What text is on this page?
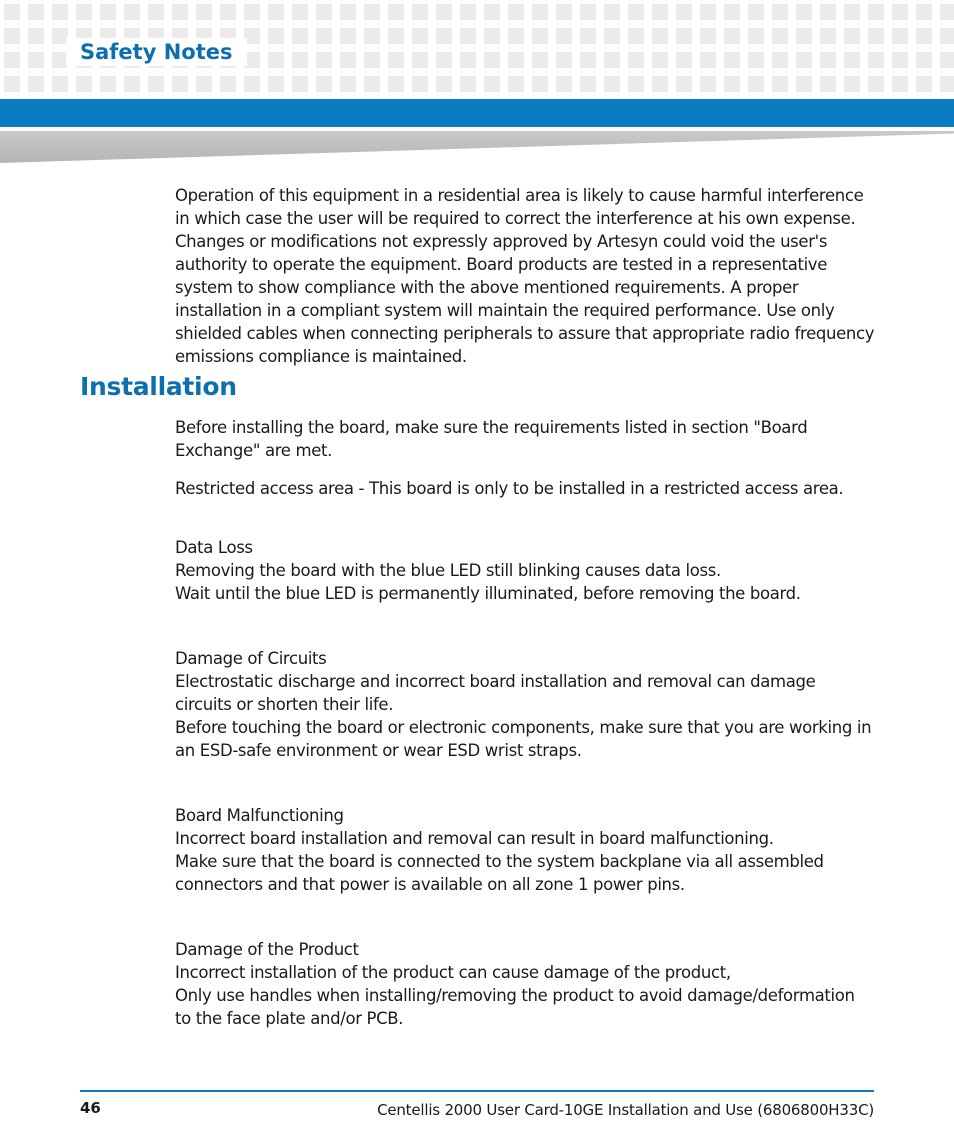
Safety Notes

Operation of this equipment in a residential area is likely to cause harmful interference in which case the user will be required to correct the interference at his own expense. Changes or modifications not expressly approved by Artesyn could void the user's authority to operate the equipment. Board products are tested in a representative system to show compliance with the above mentioned requirements. A proper installation in a compliant system will maintain the required performance. Use only shielded cables when connecting peripherals to assure that appropriate radio frequency emissions compliance is maintained.

Installation

Before installing the board, make sure the requirements listed in section "Board Exchange" are met.

Restricted access area - This board is only to be installed in a restricted access area.

Data Loss

Removing the board with the blue LED still blinking causes data loss.

Wait until the blue LED is permanently illuminated, before removing the board.

Damage of Circuits

Electrostatic discharge and incorrect board installation and removal can damage circuits or shorten their life.

Before touching the board or electronic components, make sure that you are working in an ESD-safe environment or wear ESD wrist straps.

Board Malfunctioning

Incorrect board installation and removal can result in board malfunctioning.

Make sure that the board is connected to the system backplane via all assembled connectors and that power is available on all zone 1 power pins.

Damage of the Product

Incorrect installation of the product can cause damage of the product,

Only use handles when installing/removing the product to avoid damage/deformation to the face plate and/or PCB.

46	Centellis 2000 User Card-10GE Installation and Use (6806800H33C)
